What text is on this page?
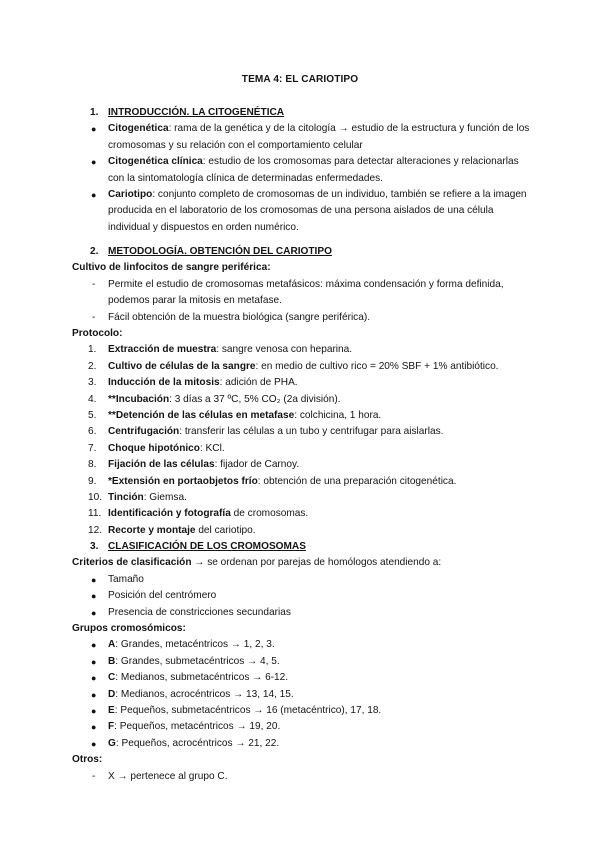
TEMA 4: EL CARIOTIPO
1. INTRODUCCIÓN. LA CITOGENÉTICA
● Citogenética: rama de la genética y de la citología → estudio de la estructura y función de los cromosomas y su relación con el comportamiento celular
● Citogenética clínica: estudio de los cromosomas para detectar alteraciones y relacionarlas con la sintomatología clínica de determinadas enfermedades.
● Cariotipo: conjunto completo de cromosomas de un individuo, también se refiere a la imagen producida en el laboratorio de los cromosomas de una persona aislados de una célula individual y dispuestos en orden numérico.
2. METODOLOGÍA. OBTENCIÓN DEL CARIOTIPO
Cultivo de linfocitos de sangre periférica:
- Permite el estudio de cromosomas metafásicos: máxima condensación y forma definida, podemos parar la mitosis en metafase.
- Fácil obtención de la muestra biológica (sangre periférica).
Protocolo:
1. Extracción de muestra: sangre venosa con heparina.
2. Cultivo de células de la sangre: en medio de cultivo rico = 20% SBF + 1% antibiótico.
3. Inducción de la mitosis: adición de PHA.
4. **Incubación: 3 días a 37 ºC, 5% CO₂ (2a división).
5. **Detención de las células en metafase: colchicina, 1 hora.
6. Centrifugación: transferir las células a un tubo y centrifugar para aislarlas.
7. Choque hipotónico: KCl.
8. Fijación de las células: fijador de Carnoy.
9. *Extensión en portaobjetos frío: obtención de una preparación citogenética.
10. Tinción: Giemsa.
11. Identificación y fotografía de cromosomas.
12. Recorte y montaje del cariotipo.
3. CLASIFICACIÓN DE LOS CROMOSOMAS
Criterios de clasificación → se ordenan por parejas de homólogos atendiendo a:
● Tamaño
● Posición del centrómero
● Presencia de constricciones secundarias
Grupos cromosómicos:
● A: Grandes, metacéntricos → 1, 2, 3.
● B: Grandes, submetacéntricos → 4, 5.
● C: Medianos, submetacéntricos → 6-12.
● D: Medianos, acrocéntricos → 13, 14, 15.
● E: Pequeños, submetacéntricos → 16 (metacéntrico), 17, 18.
● F: Pequeños, metacéntricos → 19, 20.
● G: Pequeños, acrocéntricos → 21, 22.
Otros:
- X → pertenece al grupo C.
